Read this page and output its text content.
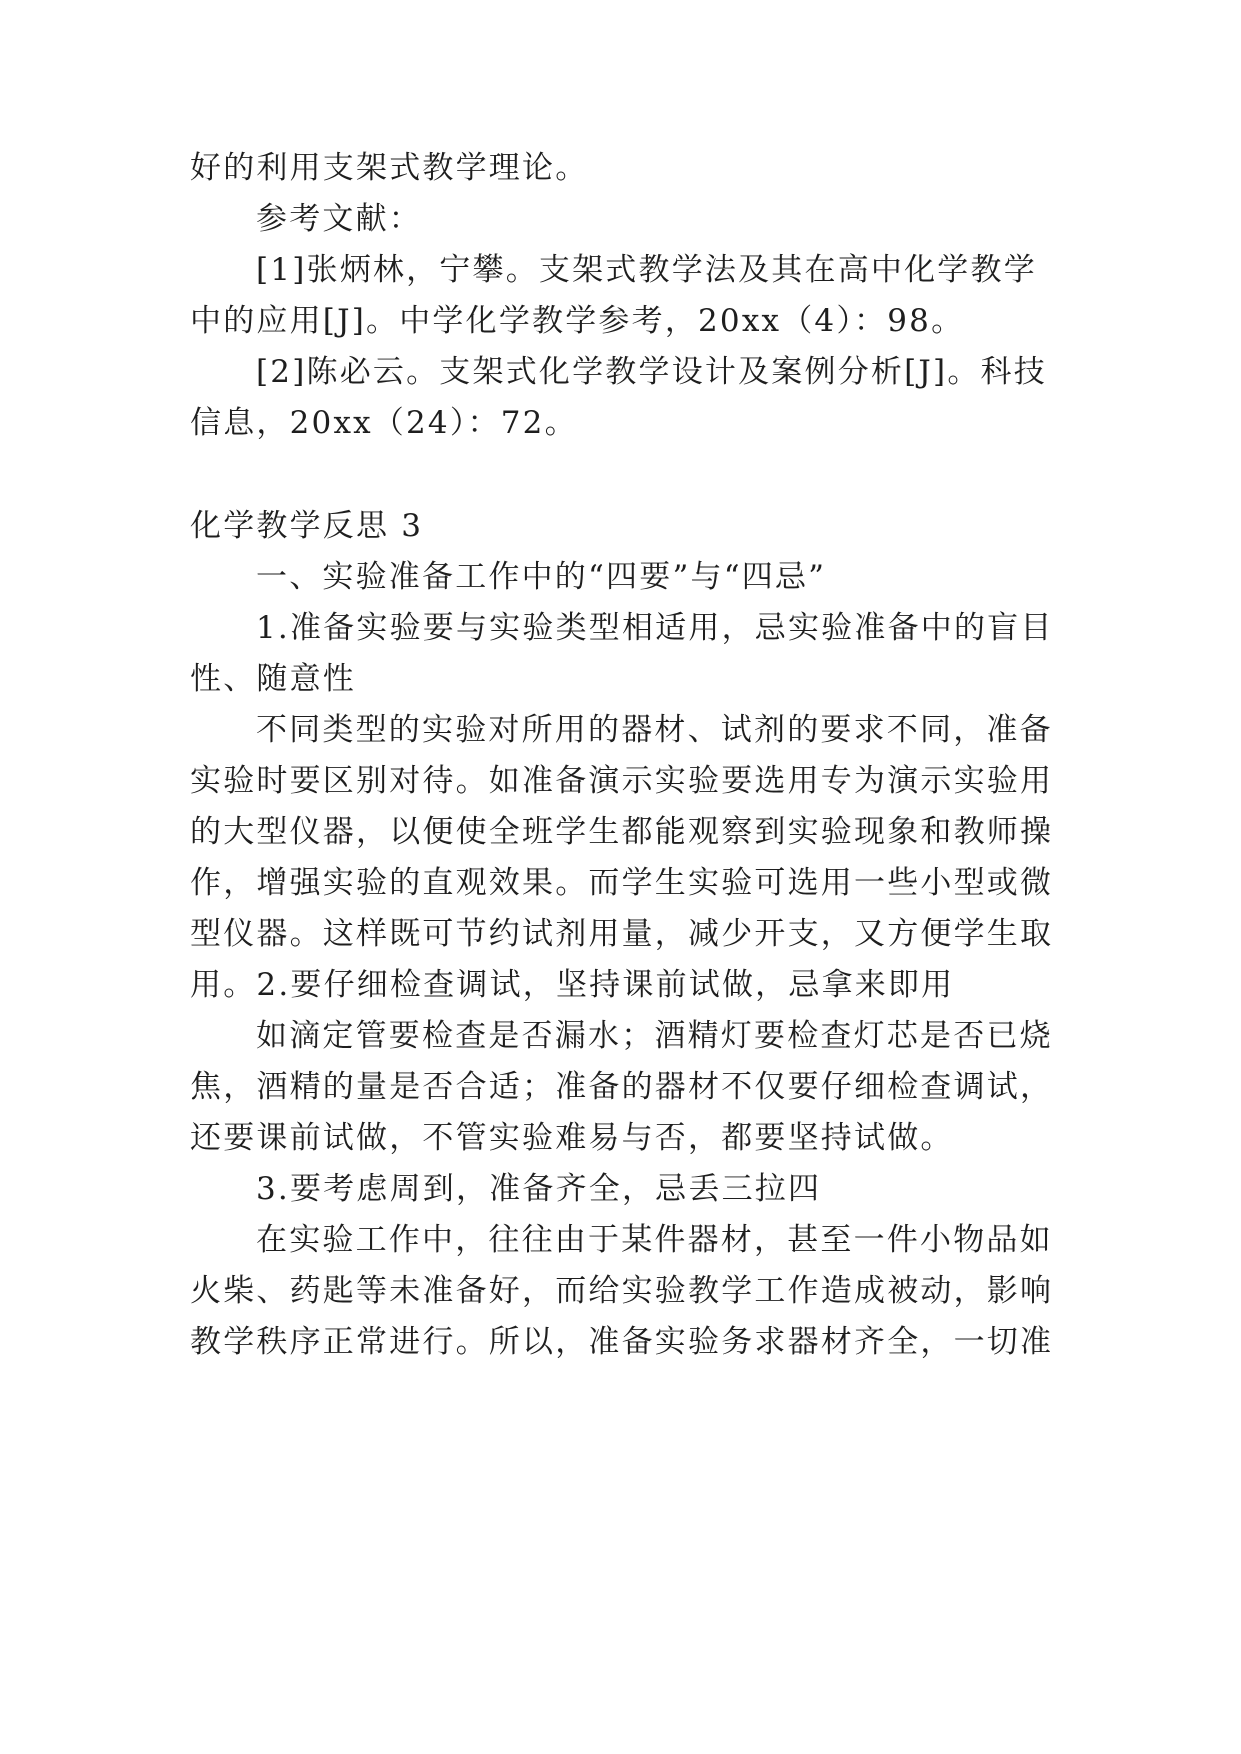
好的利用支架式教学理论。

参考文献：

[1]张炳林，宁攀。支架式教学法及其在高中化学教学

中的应用[J]。中学化学教学参考，20xx（4）：98。

[2]陈必云。支架式化学教学设计及案例分析[J]。科技

信息，20xx（24）：72。

化学教学反思 3

一、实验准备工作中的“四要”与“四忌”

1.准备实验要与实验类型相适用，忌实验准备中的盲目

性、随意性

不同类型的实验对所用的器材、试剂的要求不同，准备

实验时要区别对待。如准备演示实验要选用专为演示实验用

的大型仪器，以便使全班学生都能观察到实验现象和教师操

作，增强实验的直观效果。而学生实验可选用一些小型或微

型仪器。这样既可节约试剂用量，减少开支，又方便学生取

用。2.要仔细检查调试，坚持课前试做，忌拿来即用

如滴定管要检查是否漏水；酒精灯要检查灯芯是否已烧

焦，酒精的量是否合适；准备的器材不仅要仔细检查调试，

还要课前试做，不管实验难易与否，都要坚持试做。

3.要考虑周到，准备齐全，忌丢三拉四

在实验工作中，往往由于某件器材，甚至一件小物品如

火柴、药匙等未准备好，而给实验教学工作造成被动，影响

教学秩序正常进行。所以，准备实验务求器材齐全，一切准
